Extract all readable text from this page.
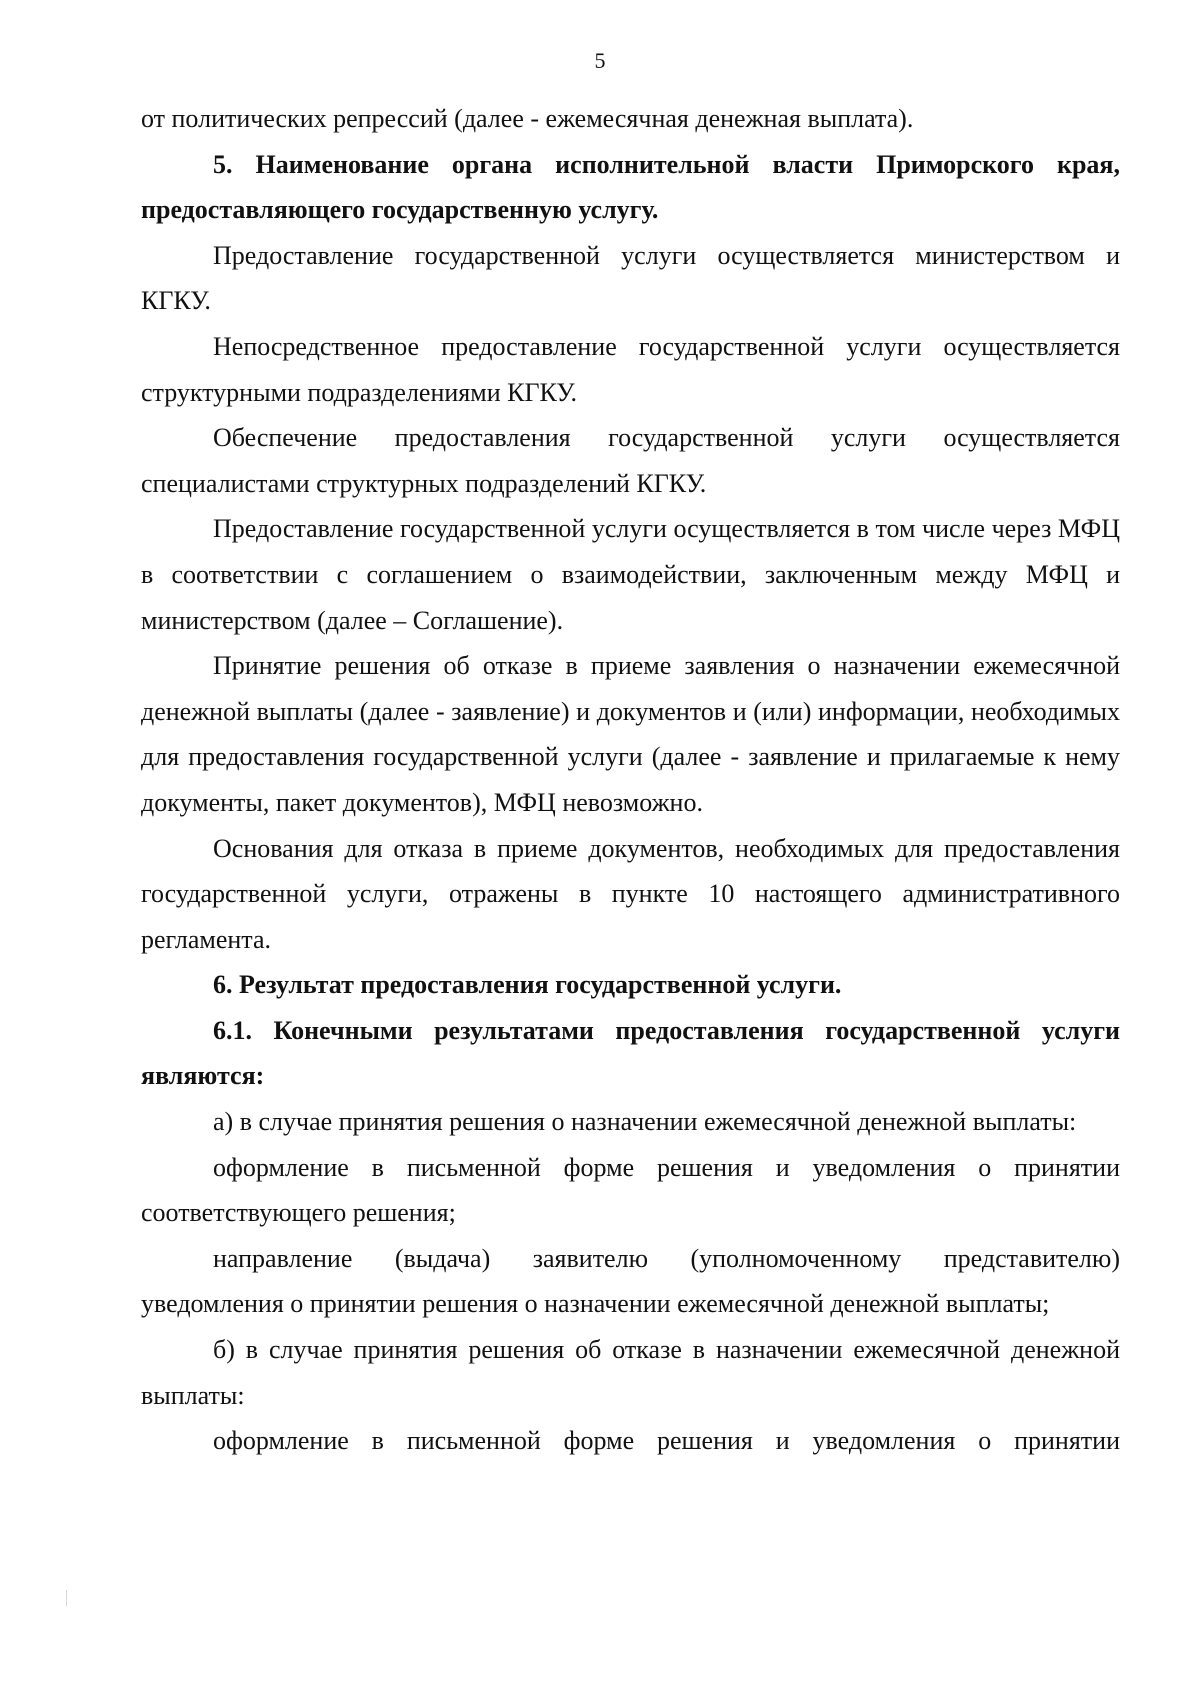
5

от политических репрессий (далее - ежемесячная денежная выплата).

5. Наименование органа исполнительной власти Приморского края, предоставляющего государственную услугу.

Предоставление государственной услуги осуществляется министерством и КГКУ.

Непосредственное предоставление государственной услуги осуществляется структурными подразделениями КГКУ.

Обеспечение предоставления государственной услуги осуществляется специалистами структурных подразделений КГКУ.

Предоставление государственной услуги осуществляется в том числе через МФЦ в соответствии с соглашением о взаимодействии, заключенным между МФЦ и министерством (далее – Соглашение).

Принятие решения об отказе в приеме заявления о назначении ежемесячной денежной выплаты (далее - заявление) и документов и (или) информации, необходимых для предоставления государственной услуги (далее - заявление и прилагаемые к нему документы, пакет документов), МФЦ невозможно.

Основания для отказа в приеме документов, необходимых для предоставления государственной услуги, отражены в пункте 10 настоящего административного регламента.

6. Результат предоставления государственной услуги.

6.1. Конечными результатами предоставления государственной услуги являются:

а) в случае принятия решения о назначении ежемесячной денежной выплаты:

оформление в письменной форме решения и уведомления о принятии соответствующего решения;

направление (выдача) заявителю (уполномоченному представителю) уведомления о принятии решения о назначении ежемесячной денежной выплаты;

б) в случае принятия решения об отказе в назначении ежемесячной денежной выплаты:

оформление в письменной форме решения и уведомления о принятии
